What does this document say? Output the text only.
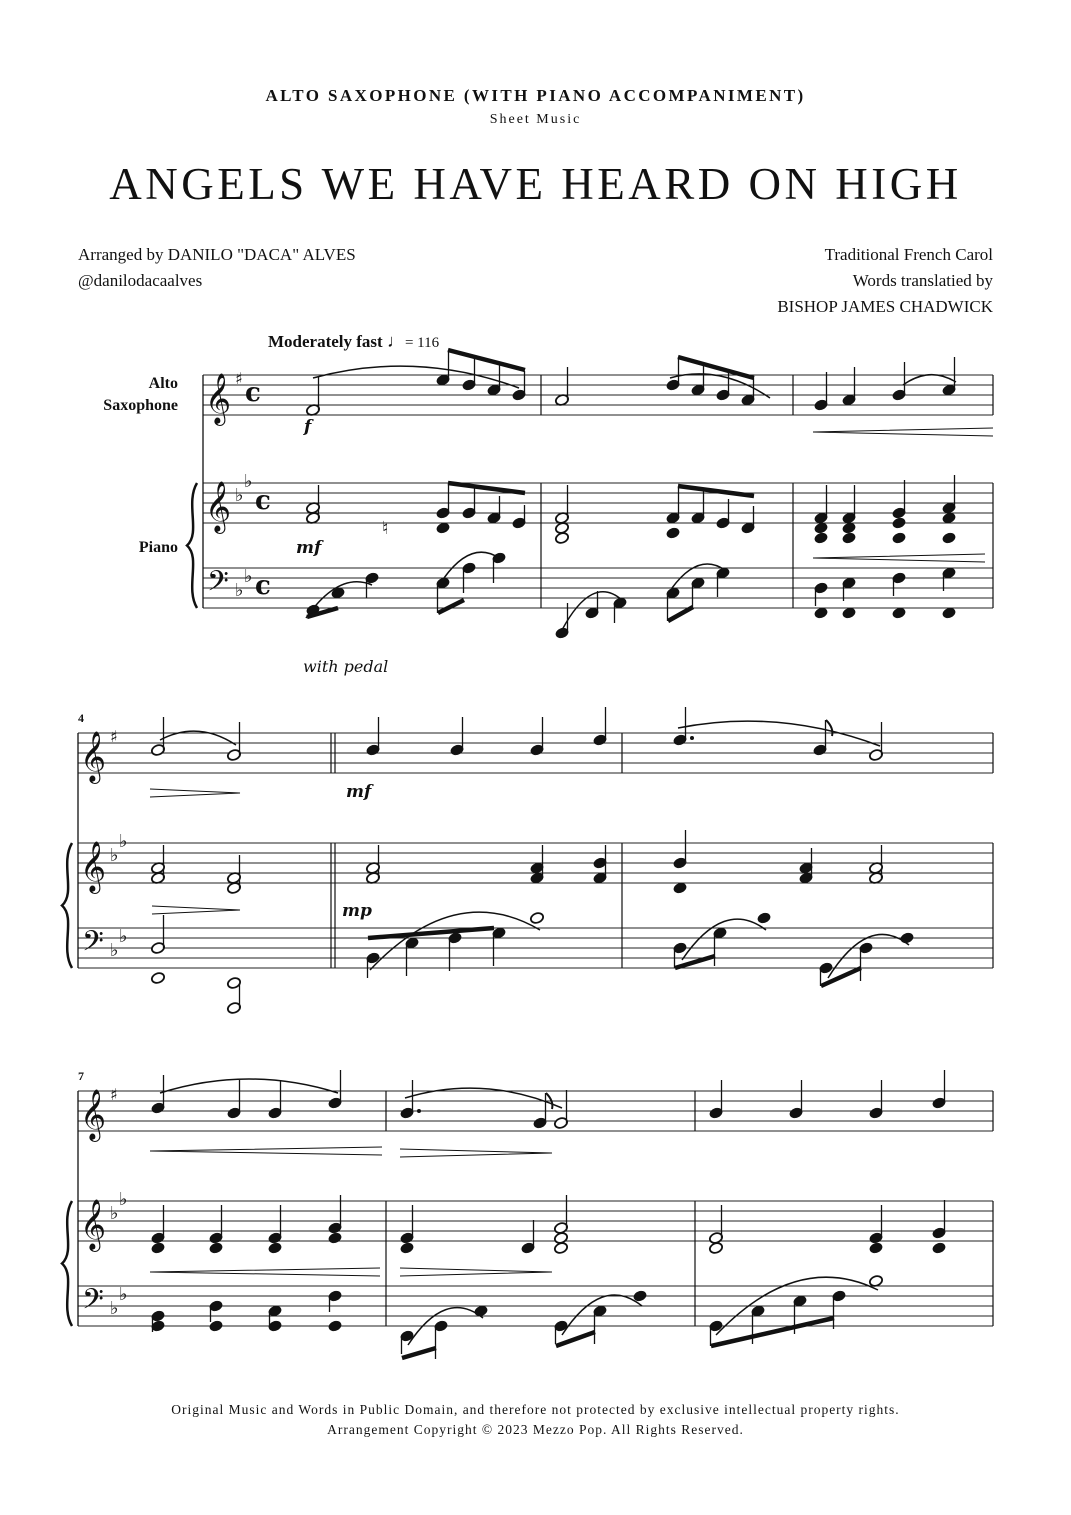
ALTO SAXOPHONE (WITH PIANO ACCOMPANIMENT)
Sheet Music
ANGELS WE HAVE HEARD ON HIGH
Arranged by DANILO "DACA" ALVES
@danilodacaalves
Traditional French Carol
Words translatied by
BISHOP JAMES CHADWICK
Moderately fast ♩= 116
Alto
Saxophone
Piano
4
7
𝄞
𝄞
𝄢
♯
♭
♭
♭
♭
c
c
c
𝄞
𝄞
𝄢
♯
♭
♭
♭
♭
𝄞
𝄞
𝄢
♯
♭
♭
♭
♭
f
♮
mf
with pedal
mf
mp
Original Music and Words in Public Domain, and therefore not protected by exclusive intellectual property rights.
Arrangement Copyright © 2023 Mezzo Pop. All Rights Reserved.
